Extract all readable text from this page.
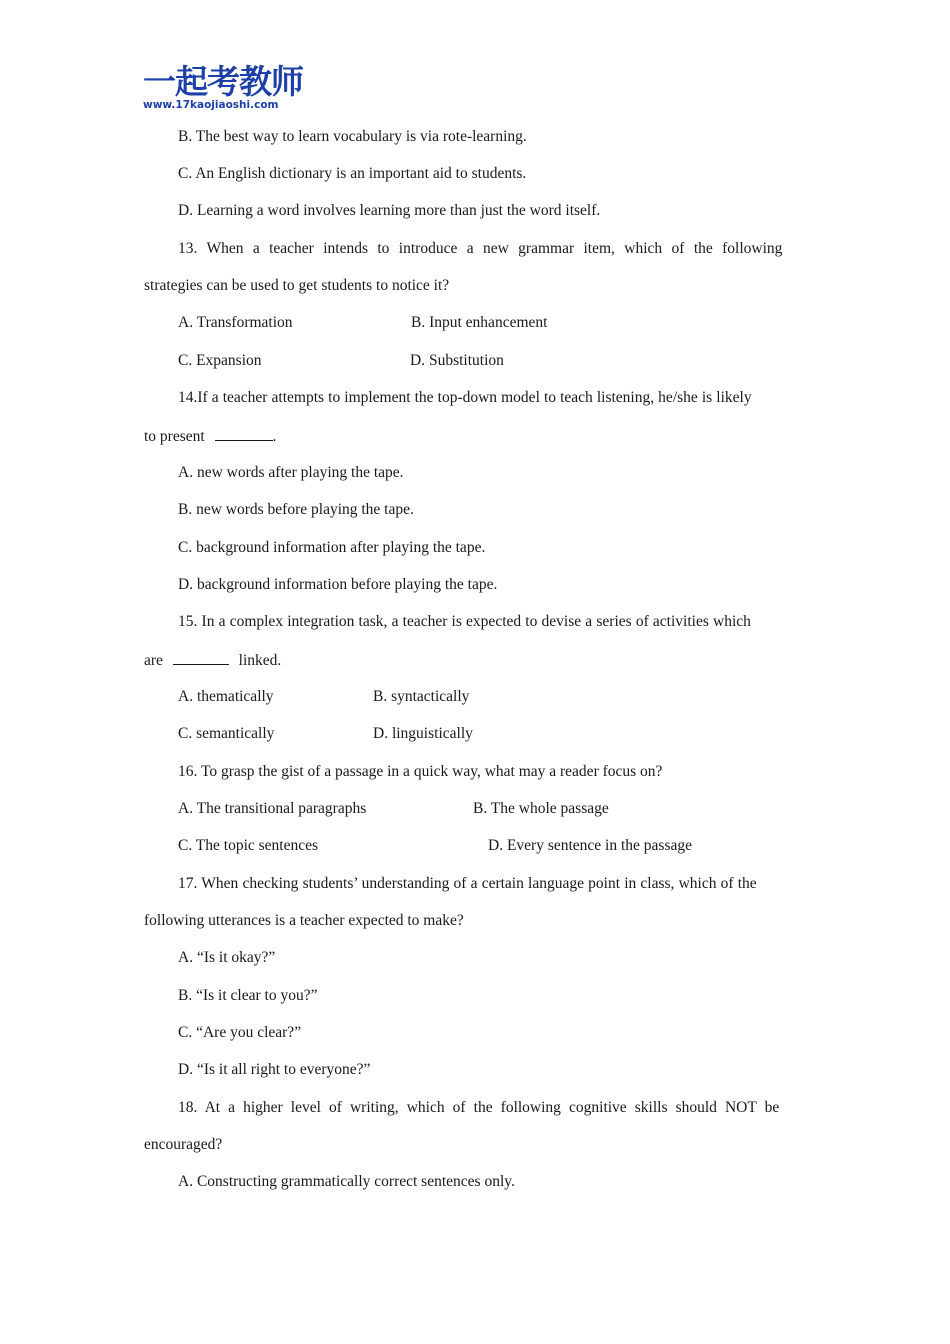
一起考教师
www.17kaojiaoshi.com
B. The best way to learn vocabulary is via rote-learning.
C. An English dictionary is an important aid to students.
D. Learning a word involves learning more than just the word itself.
13. When a teacher intends to introduce a new grammar item, which of the following
strategies can be used to get students to notice it?
A. Transformation	B. Input enhancement
C. Expansion	D. Substitution
14.If a teacher attempts to implement the top-down model to teach listening, he/she is likely
to present	.
A. new words after playing the tape.
B. new words before playing the tape.
C. background information after playing the tape.
D. background information before playing the tape.
15. In a complex integration task, a teacher is expected to devise a series of activities which
are	linked.
A. thematically	B. syntactically
C. semantically	D. linguistically
16. To grasp the gist of a passage in a quick way, what may a reader focus on?
A. The transitional paragraphs	B. The whole passage
C. The topic sentences	D. Every sentence in the passage
17. When checking students’ understanding of a certain language point in class, which of the
following utterances is a teacher expected to make?
A. “Is it okay?”
B. “Is it clear to you?”
C. “Are you clear?”
D. “Is it all right to everyone?”
18. At a higher level of writing, which of the following cognitive skills should NOT be
encouraged?
A. Constructing grammatically correct sentences only.
